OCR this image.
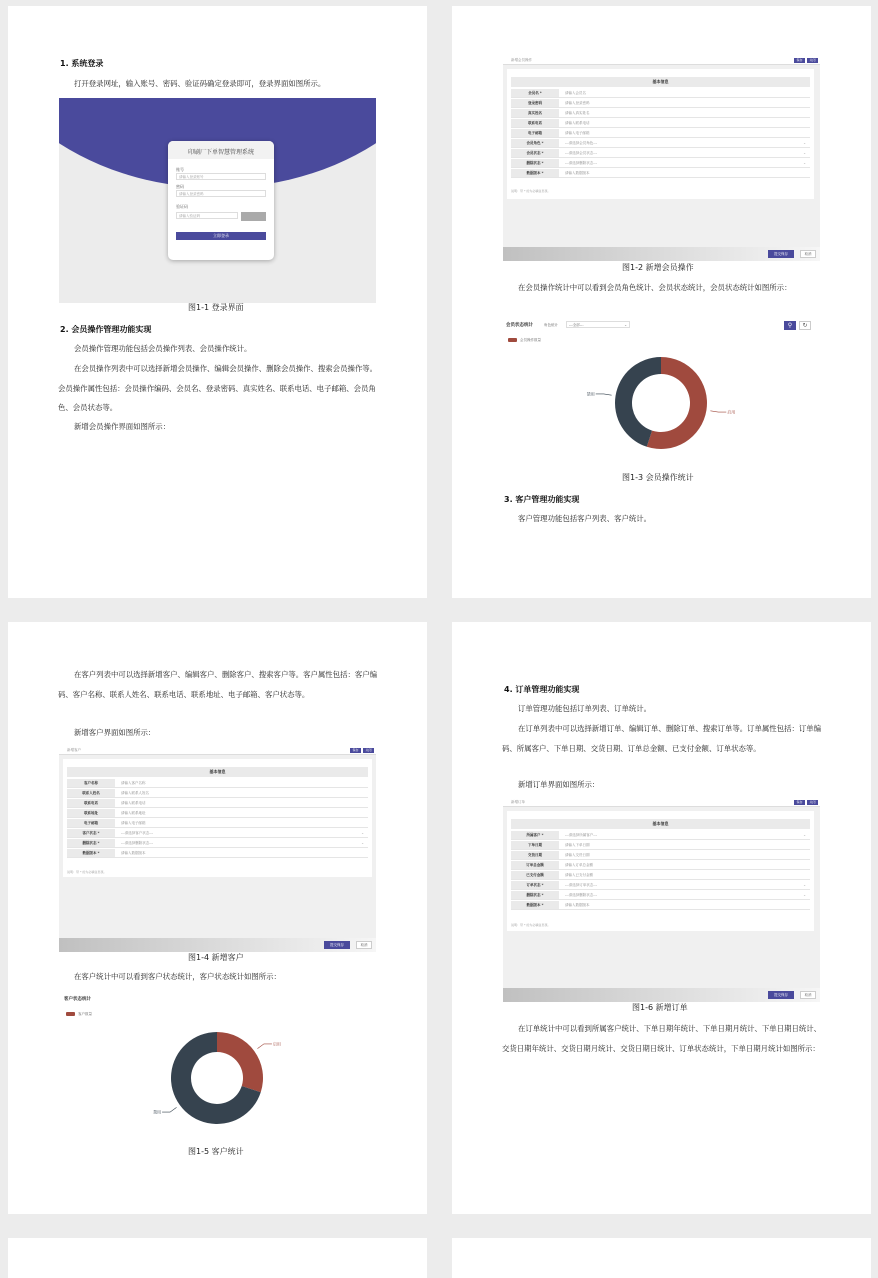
1. 系统登录
打开登录网址，输入账号、密码、验证码确定登录即可，登录界面如图所示。
印刷厂下单智慧管理系统
账号
请输入登录账号
密码
请输入登录密码
验证码
请输入验证码
立即登录
图1-1 登录界面
2. 会员操作管理功能实现
会员操作管理功能包括会员操作列表、会员操作统计。
在会员操作列表中可以选择新增会员操作、编辑会员操作、删除会员操作、搜索会员操作等。会员操作属性包括：会员操作编码、会员名、登录密码、真实姓名、联系电话、电子邮箱、会员角色、会员状态等。
新增会员操作界面如图所示：
新增会员操作	保存	关闭
基本信息
说明：带 * 的为必填信息项。
会员名 *	请输入会员名
登录密码	请输入登录密码
真实姓名	请输入真实姓名
联系电话	请输入联系电话
电子邮箱	请输入电子邮箱
会员角色 *	---请选择会员角色---	⌄
会员状态 *	---请选择会员状态---	⌄
删除状态 *	---请选择删除状态---	⌄
数据版本 *	请输入数据版本
提交保存	取消
图1-2 新增会员操作
在会员操作统计中可以看到会员角色统计、会员状态统计，会员状态统计如图所示：
会员状态统计	角色统计	---全部---	⌄	⚲	↻
会员操作数量
启用
禁用
图1-3 会员操作统计
3. 客户管理功能实现
客户管理功能包括客户列表、客户统计。
在客户列表中可以选择新增客户、编辑客户、删除客户、搜索客户等。客户属性包括：客户编码、客户名称、联系人姓名、联系电话、联系地址、电子邮箱、客户状态等。
新增客户界面如图所示：
新增客户	保存	关闭
基本信息
说明：带 * 的为必填信息项。
客户名称	请输入客户名称
联系人姓名	请输入联系人姓名
联系电话	请输入联系电话
联系地址	请输入联系地址
电子邮箱	请输入电子邮箱
客户状态 *	---请选择客户状态---	⌄
删除状态 *	---请选择删除状态---	⌄
数据版本 *	请输入数据版本
提交保存	取消
图1-4 新增客户
在客户统计中可以看到客户状态统计，客户状态统计如图所示：
客户状态统计
客户数量
启用
禁用
图1-5 客户统计
4. 订单管理功能实现
订单管理功能包括订单列表、订单统计。
在订单列表中可以选择新增订单、编辑订单、删除订单、搜索订单等。订单属性包括：订单编码、所属客户、下单日期、交货日期、订单总金额、已支付金额、订单状态等。
新增订单界面如图所示：
新增订单	保存	关闭
基本信息
说明：带 * 的为必填信息项。
所属客户 *	---请选择所属客户---	⌄
下单日期	请输入下单日期
交货日期	请输入交货日期
订单总金额	请输入订单总金额
已支付金额	请输入已支付金额
订单状态 *	---请选择订单状态---	⌄
删除状态 *	---请选择删除状态---	⌄
数据版本 *	请输入数据版本
提交保存	取消
图1-6 新增订单
在订单统计中可以看到所属客户统计、下单日期年统计、下单日期月统计、下单日期日统计、交货日期年统计、交货日期月统计、交货日期日统计、订单状态统计，下单日期月统计如图所示：
